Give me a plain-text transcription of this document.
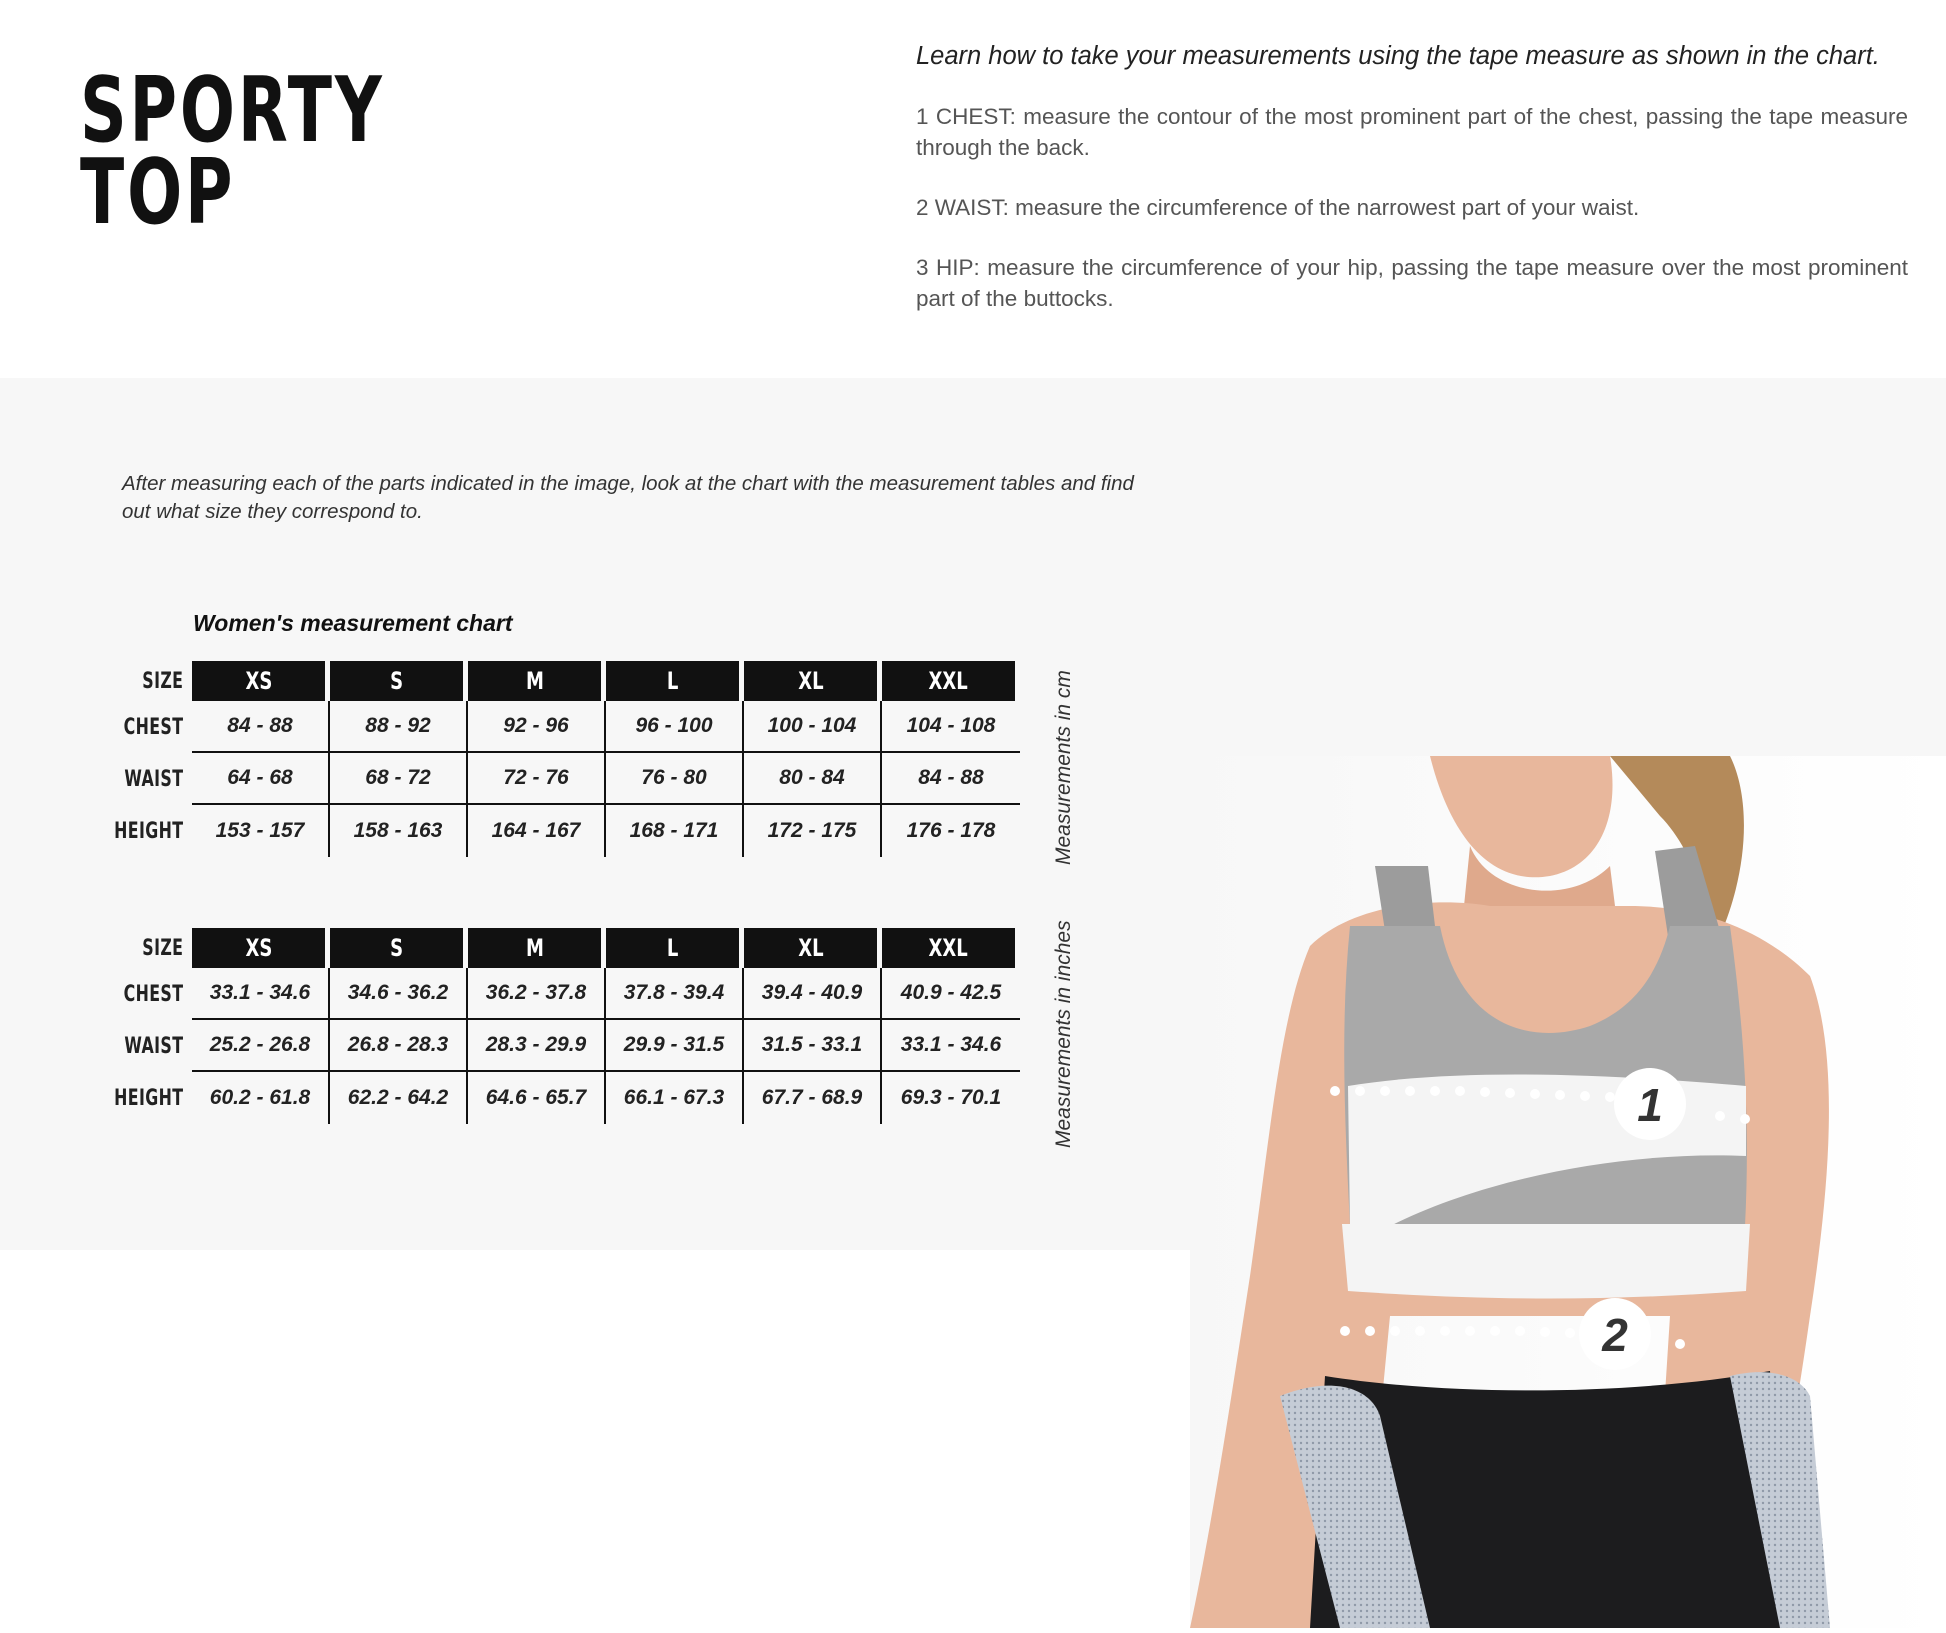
SPORTY
TOP

Learn how to take your measurements using the tape measure as shown in the chart.

1 CHEST: measure the contour of the most prominent part of the chest, passing the tape measure through the back.

2 WAIST: measure the circumference of the narrowest part of your waist.

3 HIP: measure the circumference of your hip, passing the tape measure over the most prominent part of the buttocks.

After measuring each of the parts indicated in the image, look at the chart with the measurement tables and find out what size they correspond to.

Women's measurement chart
SIZE	XS	S	M	L	XL	XXL
CHEST	84 - 88	88 - 92	92 - 96	96 - 100	100 - 104	104 - 108
WAIST	64 - 68	68 - 72	72 - 76	76 - 80	80 - 84	84 - 88
HEIGHT	153 - 157	158 - 163	164 - 167	168 - 171	172 - 175	176 - 178
SIZE	XS	S	M	L	XL	XXL
CHEST	33.1 - 34.6	34.6 - 36.2	36.2 - 37.8	37.8 - 39.4	39.4 - 40.9	40.9 - 42.5
WAIST	25.2 - 26.8	26.8 - 28.3	28.3 - 29.9	29.9 - 31.5	31.5 - 33.1	33.1 - 34.6
HEIGHT	60.2 - 61.8	62.2 - 64.2	64.6 - 65.7	66.1 - 67.3	67.7 - 68.9	69.3 - 70.1	1
2
Measurements in cm
Measurements in inches
